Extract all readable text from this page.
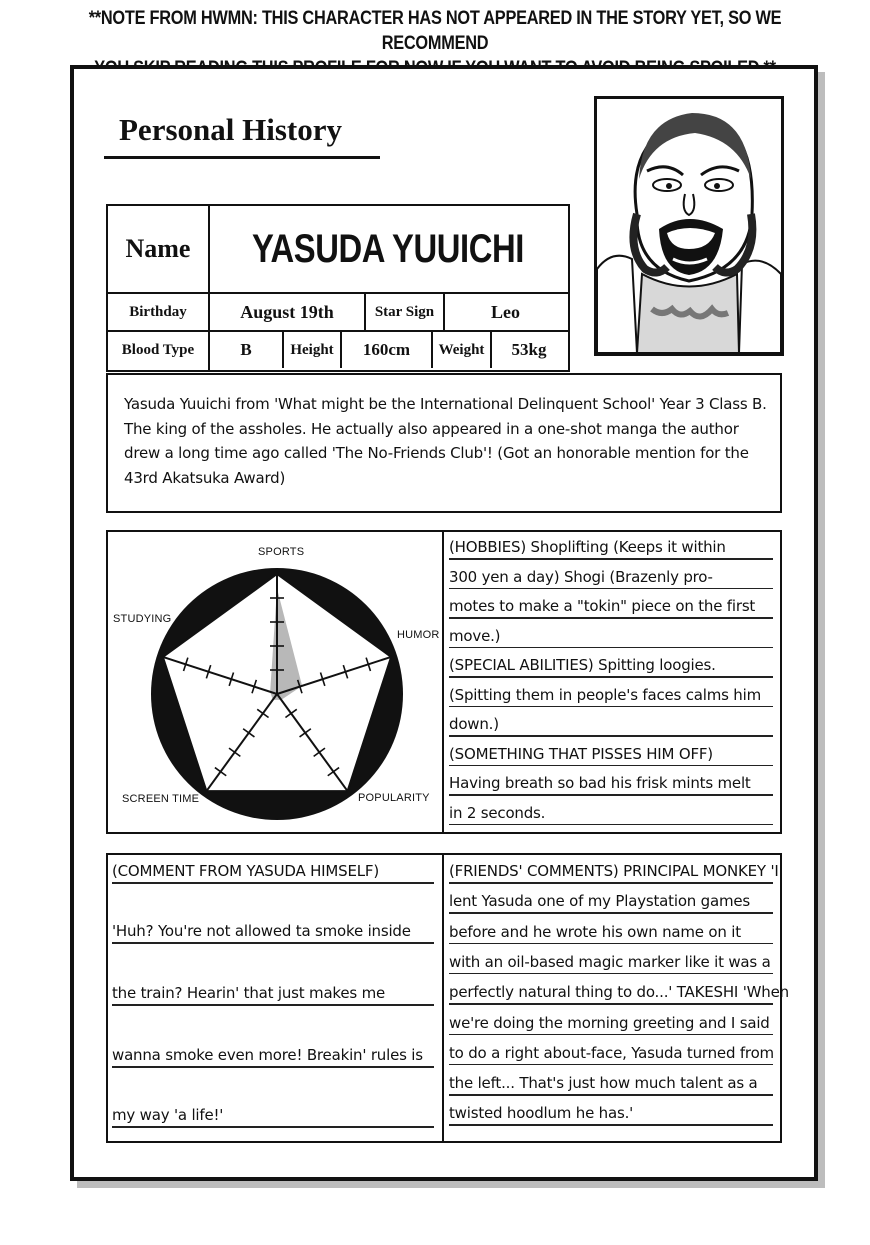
**NOTE FROM HWMN: THIS CHARACTER HAS NOT APPEARED IN THE STORY YET, SO WE RECOMMEND
Personal History
Name	YASUDA YUUICHI
Birthday	August 19th	Star Sign	Leo
Blood Type	B	Height	160cm	Weight	53kg
Yasuda Yuuichi from 'What might be the International Delinquent School' Year 3 Class B. The king of the assholes. He actually also appeared in a one-shot manga the author drew a long time ago called 'The No-Friends Club'! (Got an honorable mention for the 43rd Akatsuka Award)
SPORTS
HUMOR
POPULARITY
SCREEN TIME
STUDYING
(HOBBIES) Shoplifting (Keeps it within
300 yen a day) Shogi (Brazenly pro-
motes to make a "tokin" piece on the first
move.)
(SPECIAL ABILITIES) Spitting loogies.
(Spitting them in people's faces calms him
down.)
(SOMETHING THAT PISSES HIM OFF)
Having breath so bad his frisk mints melt
in 2 seconds.
(COMMENT FROM YASUDA HIMSELF)
'Huh? You're not allowed ta smoke inside
the train? Hearin' that just makes me
wanna smoke even more! Breakin' rules is
my way 'a life!'
(FRIENDS' COMMENTS) PRINCIPAL MONKEY 'I
lent Yasuda one of my Playstation games
before and he wrote his own name on it
with an oil-based magic marker like it was a
perfectly natural thing to do...' TAKESHI 'When
we're doing the morning greeting and I said
to do a right about-face, Yasuda turned from
the left... That's just how much talent as a
twisted hoodlum he has.'
